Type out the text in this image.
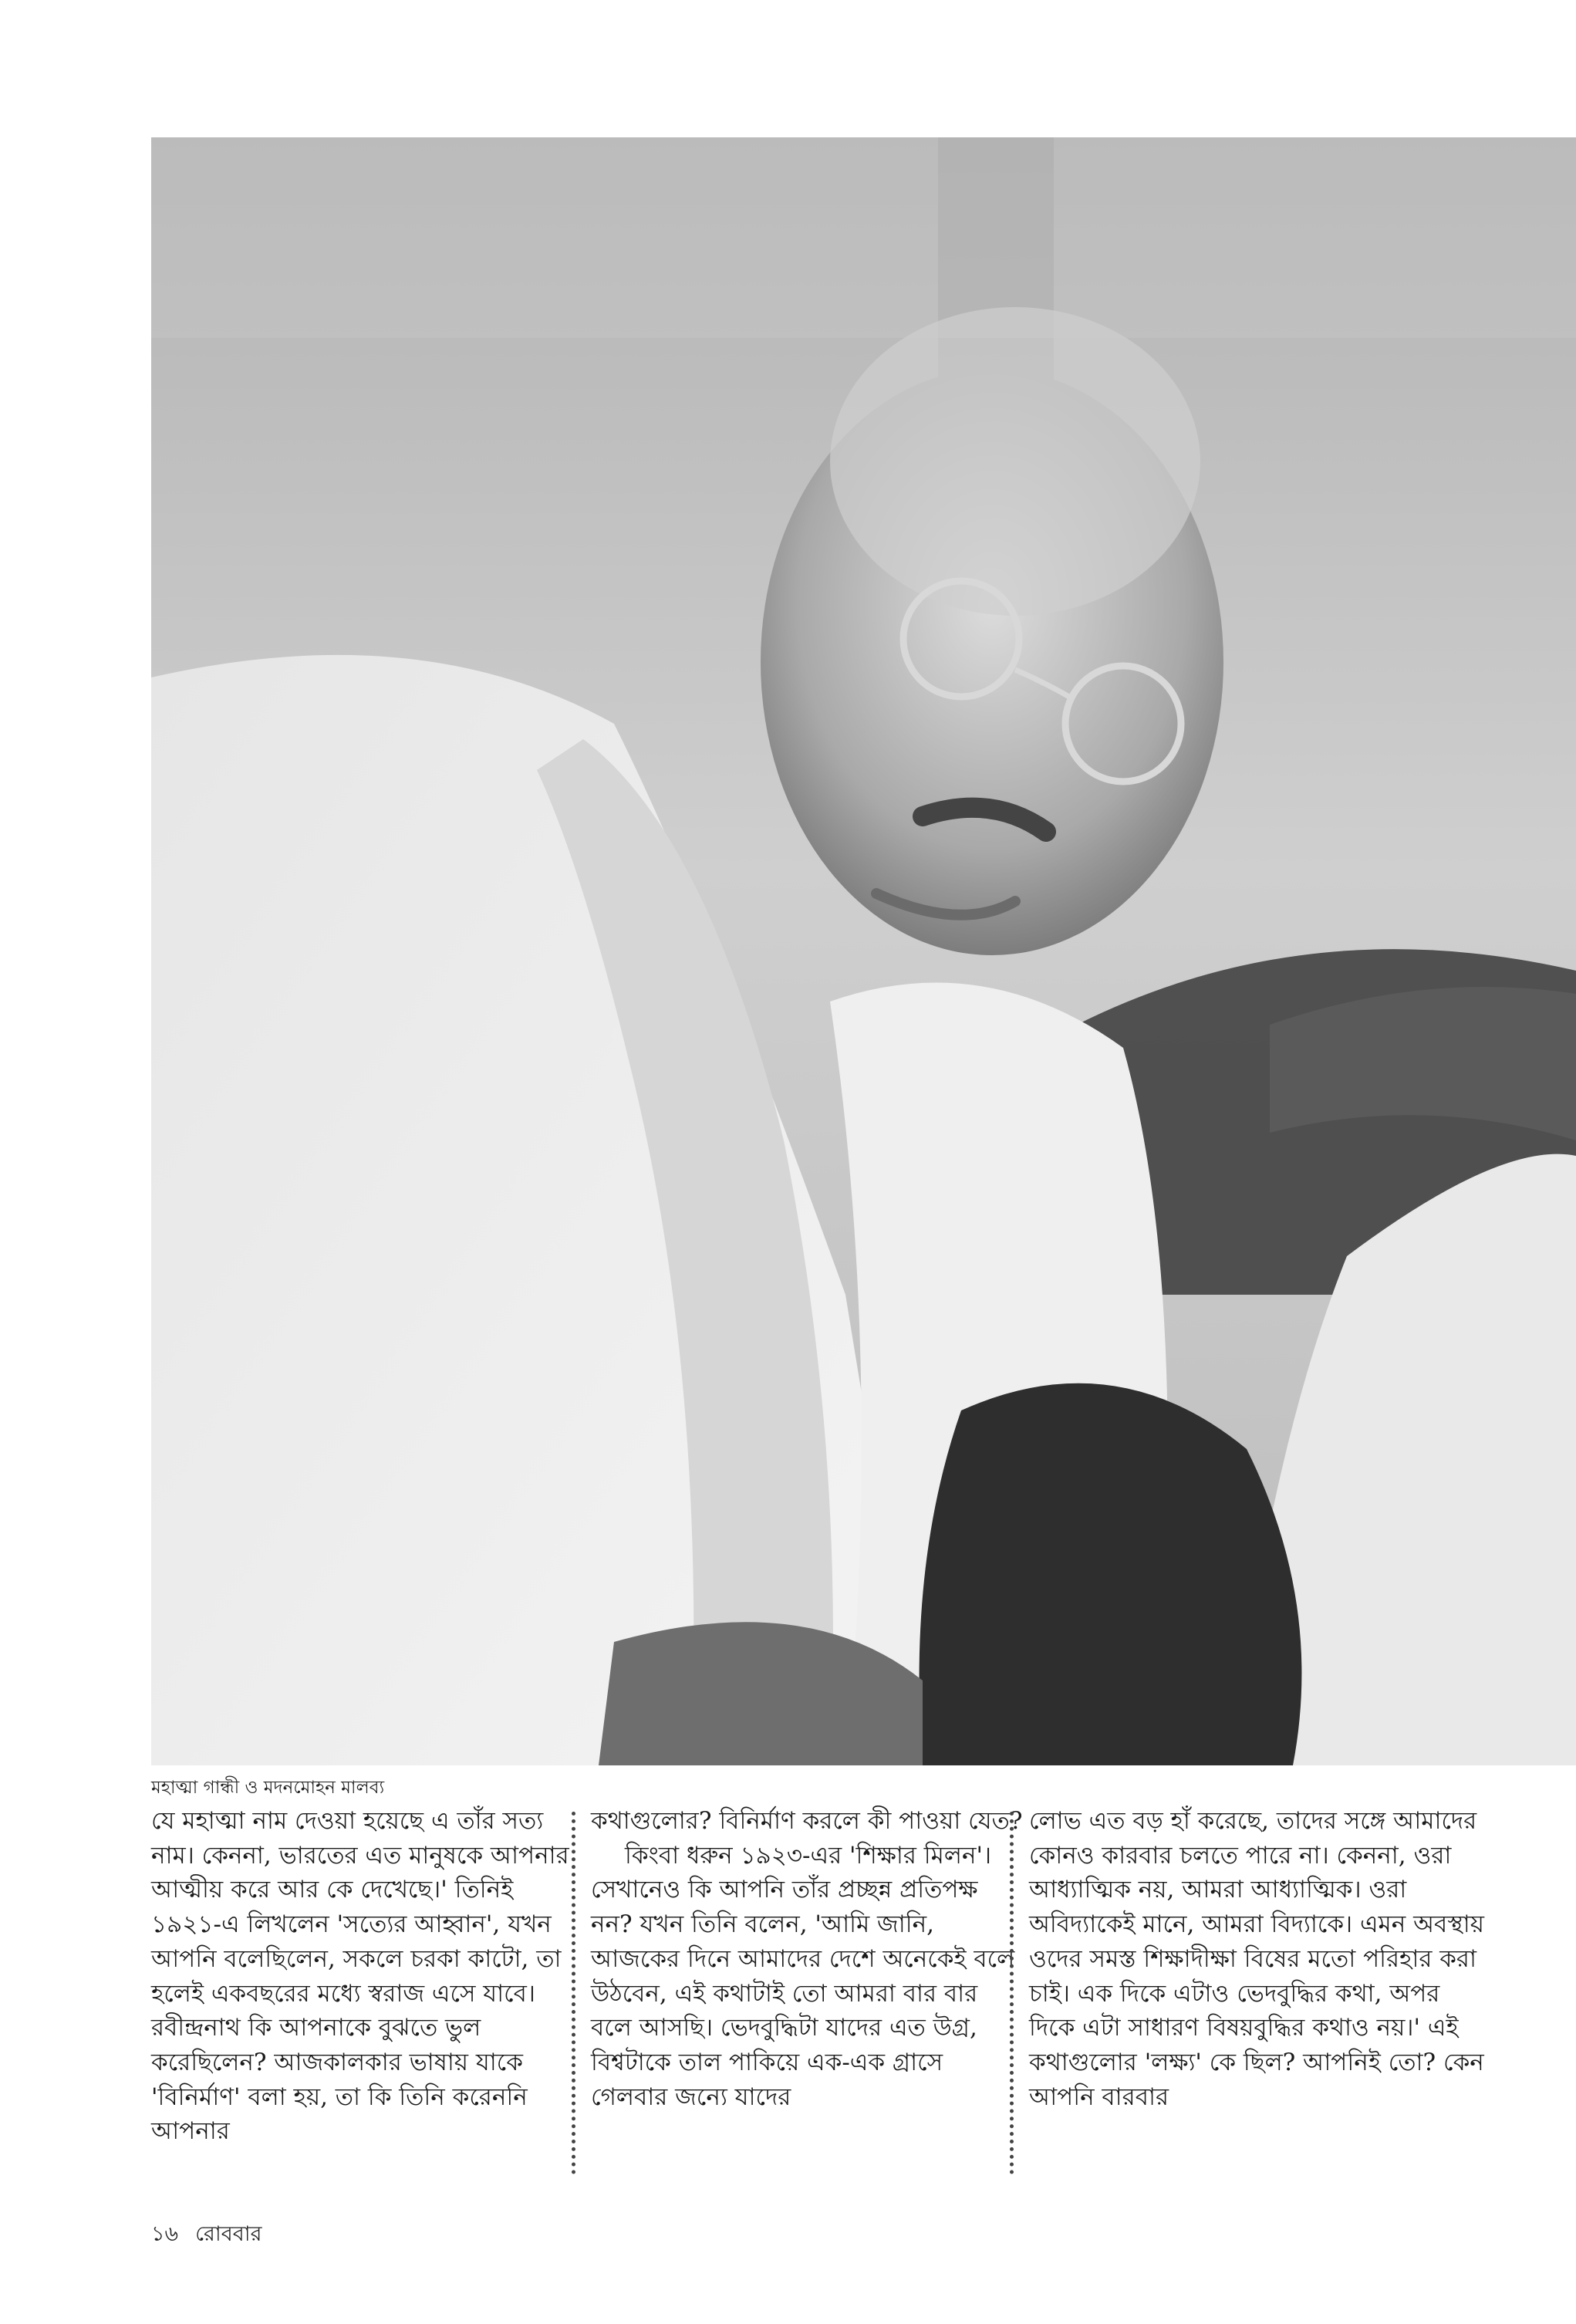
মহাত্মা গান্ধী ও মদনমোহন মালব্য

যে মহাত্মা নাম দেওয়া হয়েছে এ তাঁর সত্য নাম। কেননা, ভারতের এত মানুষকে আপনার আত্মীয় করে আর কে দেখেছে।' তিনিই ১৯২১-এ লিখলেন 'সত্যের আহ্বান', যখন আপনি বলেছিলেন, সকলে চরকা কাটো, তা হলেই একবছরের মধ্যে স্বরাজ এসে যাবে। রবীন্দ্রনাথ কি আপনাকে বুঝতে ভুল করেছিলেন? আজকালকার ভাষায় যাকে 'বিনির্মাণ' বলা হয়, তা কি তিনি করেননি আপনার

কথাগুলোর? বিনির্মাণ করলে কী পাওয়া যেত?

কিংবা ধরুন ১৯২৩-এর 'শিক্ষার মিলন'। সেখানেও কি আপনি তাঁর প্রচ্ছন্ন প্রতিপক্ষ নন? যখন তিনি বলেন, 'আমি জানি, আজকের দিনে আমাদের দেশে অনেকেই বলে উঠবেন, এই কথাটাই তো আমরা বার বার বলে আসছি। ভেদবুদ্ধিটা যাদের এত উগ্র, বিশ্বটাকে তাল পাকিয়ে এক-এক গ্রাসে গেলবার জন্যে যাদের

লোভ এত বড় হাঁ করেছে, তাদের সঙ্গে আমাদের কোনও কারবার চলতে পারে না। কেননা, ওরা আধ্যাত্মিক নয়, আমরা আধ্যাত্মিক। ওরা অবিদ্যাকেই মানে, আমরা বিদ্যাকে। এমন অবস্থায় ওদের সমস্ত শিক্ষাদীক্ষা বিষের মতো পরিহার করা চাই। এক দিকে এটাও ভেদবুদ্ধির কথা, অপর দিকে এটা সাধারণ বিষয়বুদ্ধির কথাও নয়।' এই কথাগুলোর 'লক্ষ্য' কে ছিল? আপনিই তো? কেন আপনি বারবার

১৬ রোববার
